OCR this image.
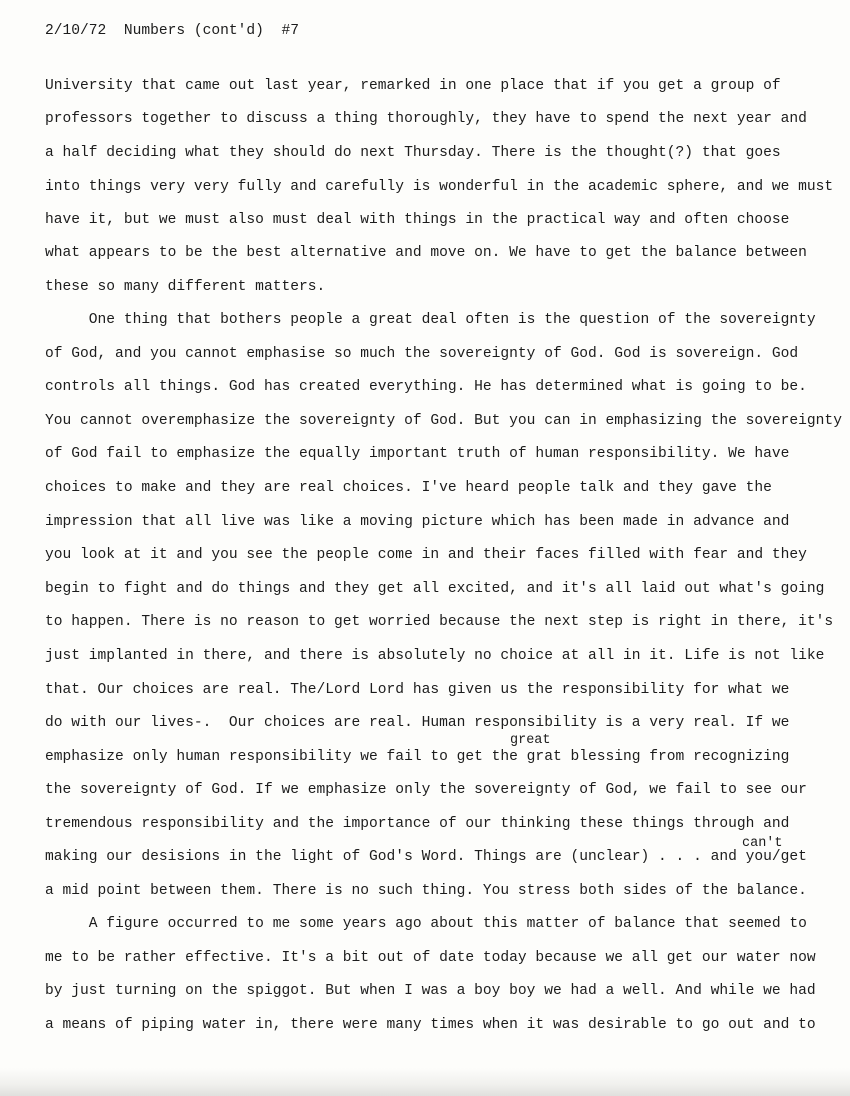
2/10/72  Numbers (cont'd)  #7
University that came out last year, remarked in one place that if you get a group of
professors together to discuss a thing thoroughly, they have to spend the next year and
a half deciding what they should do next Thursday. There is the thought(?) that goes
into things very very fully and carefully is wonderful in the academic sphere, and we must
have it, but we must also must deal with things in the practical way and often choose
what appears to be the best alternative and move on. We have to get the balance between
these so many different matters.
One thing that bothers people a great deal often is the question of the sovereignty
of God, and you cannot emphasise so much the sovereignty of God. God is sovereign. God
controls all things. God has created everything. He has determined what is going to be.
You cannot overemphasize the sovereignty of God. But you can in emphasizing the sovereignty
of God fail to emphasize the equally important truth of human responsibility. We have
choices to make and they are real choices. I've heard people talk and they gave the
impression that all live was like a moving picture which has been made in advance and
you look at it and you see the people come in and their faces filled with fear and they
begin to fight and do things and they get all excited, and it's all laid out what's going
to happen. There is no reason to get worried because the next step is right in there, it's
just implanted in there, and there is absolutely no choice at all in it. Life is not like
that. Our choices are real. The/Lord Lord has given us the responsibility for what we
do with our lives-.  Our choices are real. Human responsibility is a very real. If we
emphasize only human responsibility we fail to get the grat blessing from recognizing
the sovereignty of God. If we emphasize only the sovereignty of God, we fail to see our
tremendous responsibility and the importance of our thinking these things through and
making our desisions in the light of God's Word. Things are (unclear) . . . and you/get
a mid point between them. There is no such thing. You stress both sides of the balance.
A figure occurred to me some years ago about this matter of balance that seemed to
me to be rather effective. It's a bit out of date today because we all get our water now
by just turning on the spiggot. But when I was a boy boy we had a well. And while we had
a means of piping water in, there were many times when it was desirable to go out and to
great
can't
